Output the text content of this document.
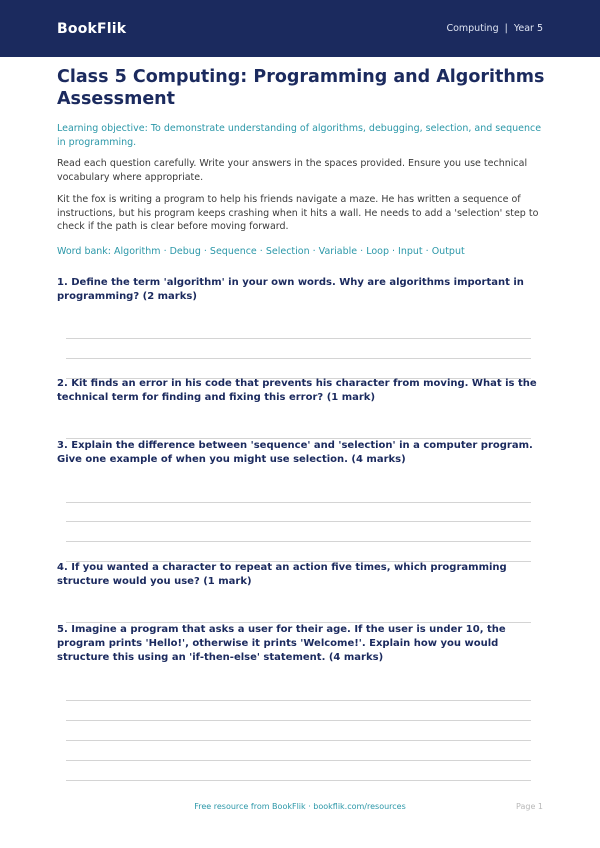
BookFlik	Computing | Year 5
Class 5 Computing: Programming and Algorithms Assessment
Learning objective: To demonstrate understanding of algorithms, debugging, selection, and sequence in programming.
Read each question carefully. Write your answers in the spaces provided. Ensure you use technical vocabulary where appropriate.
Kit the fox is writing a program to help his friends navigate a maze. He has written a sequence of instructions, but his program keeps crashing when it hits a wall. He needs to add a 'selection' step to check if the path is clear before moving forward.
Word bank: Algorithm · Debug · Sequence · Selection · Variable · Loop · Input · Output
1. Define the term 'algorithm' in your own words. Why are algorithms important in programming? (2 marks)
2. Kit finds an error in his code that prevents his character from moving. What is the technical term for finding and fixing this error? (1 mark)
3. Explain the difference between 'sequence' and 'selection' in a computer program. Give one example of when you might use selection. (4 marks)
4. If you wanted a character to repeat an action five times, which programming structure would you use? (1 mark)
5. Imagine a program that asks a user for their age. If the user is under 10, the program prints 'Hello!', otherwise it prints 'Welcome!'. Explain how you would structure this using an 'if-then-else' statement. (4 marks)
Free resource from BookFlik · bookflik.com/resources	Page 1
